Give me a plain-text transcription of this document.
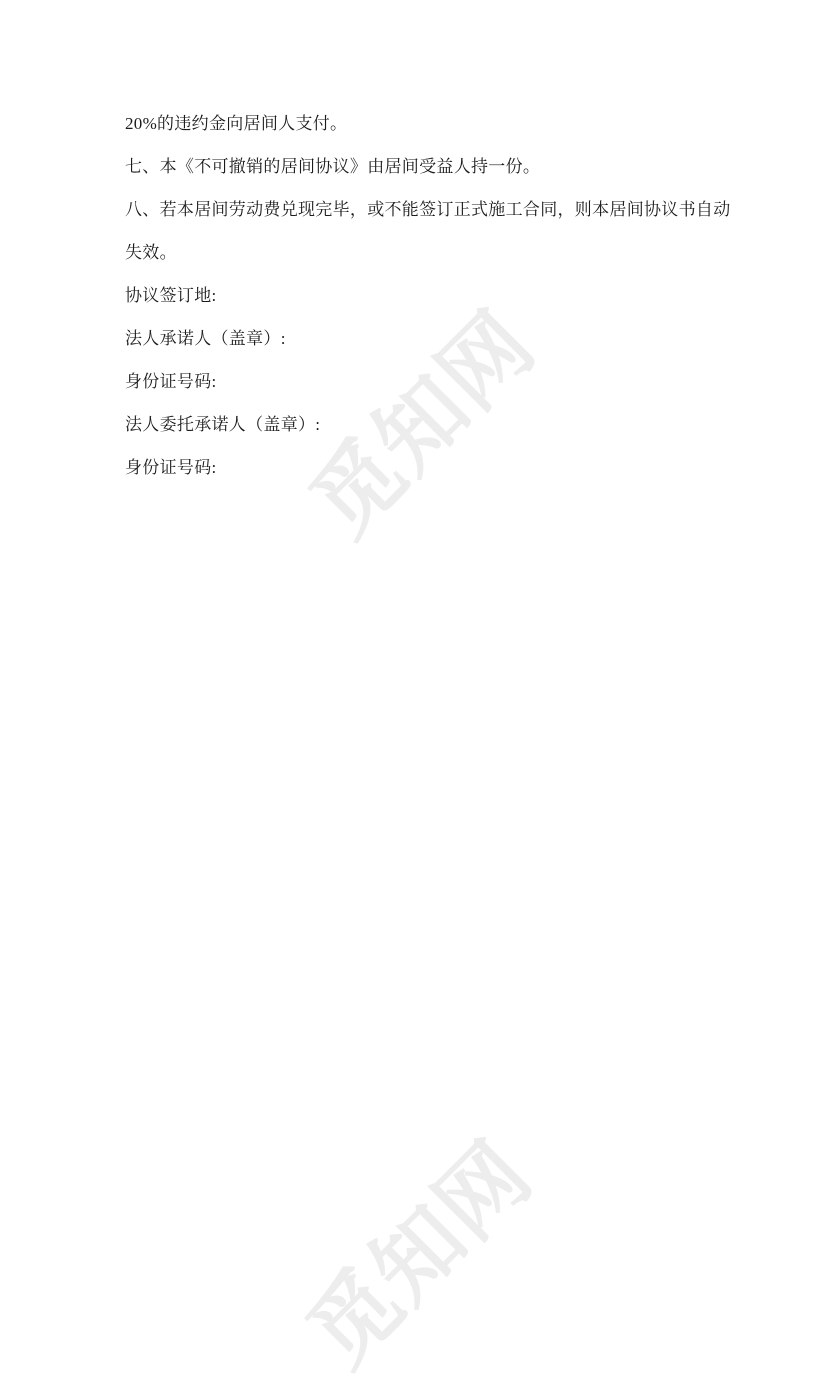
觅知网
觅知网

20%的违约金向居间人支付。

七、本《不可撤销的居间协议》由居间受益人持一份。

八、若本居间劳动费兑现完毕，或不能签订正式施工合同，则本居间协议书自动

失效。

协议签订地:

法人承诺人（盖章）:

身份证号码:

法人委托承诺人（盖章）:

身份证号码:
